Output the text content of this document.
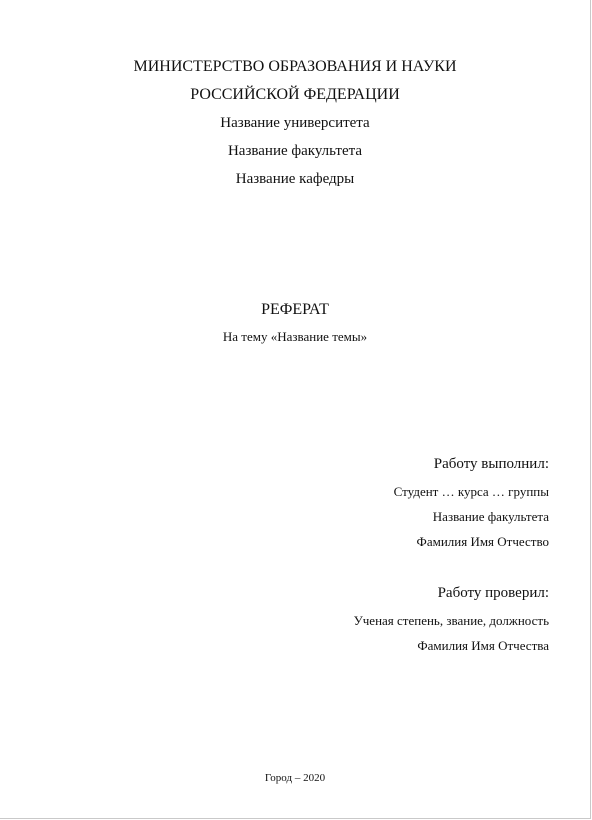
МИНИСТЕРСТВО ОБРАЗОВАНИЯ И НАУКИ
РОССИЙСКОЙ ФЕДЕРАЦИИ
Название университета
Название факультета
Название кафедры
РЕФЕРАТ
На тему «Название темы»
Работу выполнил:
Студент … курса … группы
Название факультета
Фамилия Имя Отчество
Работу проверил:
Ученая степень, звание, должность
Фамилия Имя Отчества
Город – 2020
